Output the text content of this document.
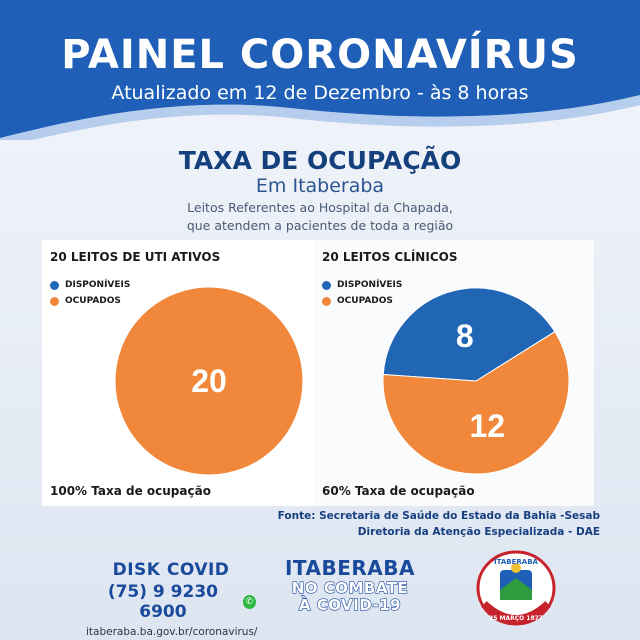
PAINEL CORONAVÍRUS
Atualizado em 12 de Dezembro - às 8 horas
TAXA DE OCUPAÇÃO
Em Itaberaba
Leitos Referentes ao Hospital da Chapada,
que atendem a pacientes de toda a região
20 LEITOS DE UTI ATIVOS
DISPONÍVEIS
OCUPADOS
20
100% Taxa de ocupação
20 LEITOS CLÍNICOS
DISPONÍVEIS
OCUPADOS
8
12
60% Taxa de ocupação
Fonte: Secretaria de Saúde do Estado da Bahia -Sesab
Diretoria da Atenção Especializada - DAE
DISK COVID
(75) 9 9230 6900	✆
itaberaba.ba.gov.br/coronavirus/
ITABERABA
NO COMBATE
À COVID-19
ITABERABA
25 MARÇO 1877
